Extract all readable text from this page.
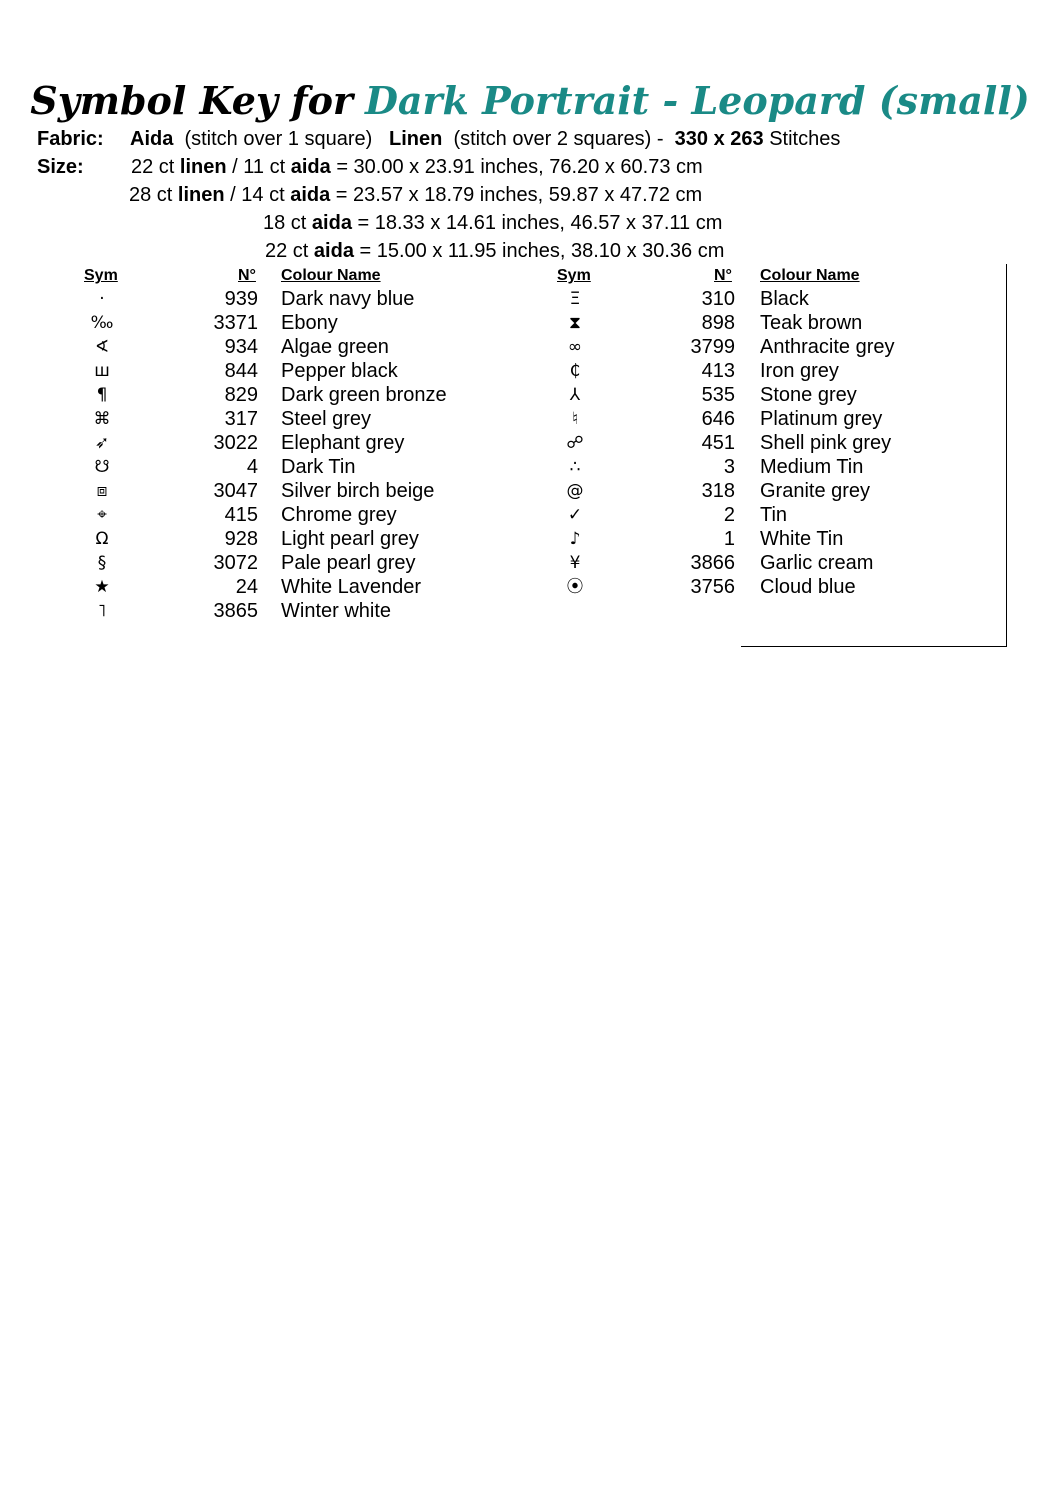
Symbol Key for Dark Portrait - Leopard (small)
Fabric: Aida (stitch over 1 square) Linen (stitch over 2 squares) - 330 x 263 Stitches
Size: 22 ct linen / 11 ct aida = 30.00 x 23.91 inches, 76.20 x 60.73 cm
28 ct linen / 14 ct aida = 23.57 x 18.79 inches, 59.87 x 47.72 cm
18 ct aida = 18.33 x 14.61 inches, 46.57 x 37.11 cm
22 ct aida = 15.00 x 11.95 inches, 38.10 x 30.36 cm
Sym	N° Colour Name	Sym	N° Colour Name
·	939 Dark navy blue
‰	3371 Ebony
∢	934 Algae green
ш	844 Pepper black
¶	829 Dark green bronze
⌘	317 Steel grey
➶	3022 Elephant grey
☋	4 Dark Tin
⧈	3047 Silver birch beige
⌖	415 Chrome grey
Ω	928 Light pearl grey
§	3072 Pale pearl grey
★	24 White Lavender
˥	3865 Winter white
Ξ	310 Black
⧗	898 Teak brown
∞	3799 Anthracite grey
₵	413 Iron grey
⅄	535 Stone grey
♮	646 Platinum grey
☍	451 Shell pink grey
∴	3 Medium Tin
@	318 Granite grey
✓	2 Tin
♪	1 White Tin
¥	3866 Garlic cream
⦿	3756 Cloud blue
